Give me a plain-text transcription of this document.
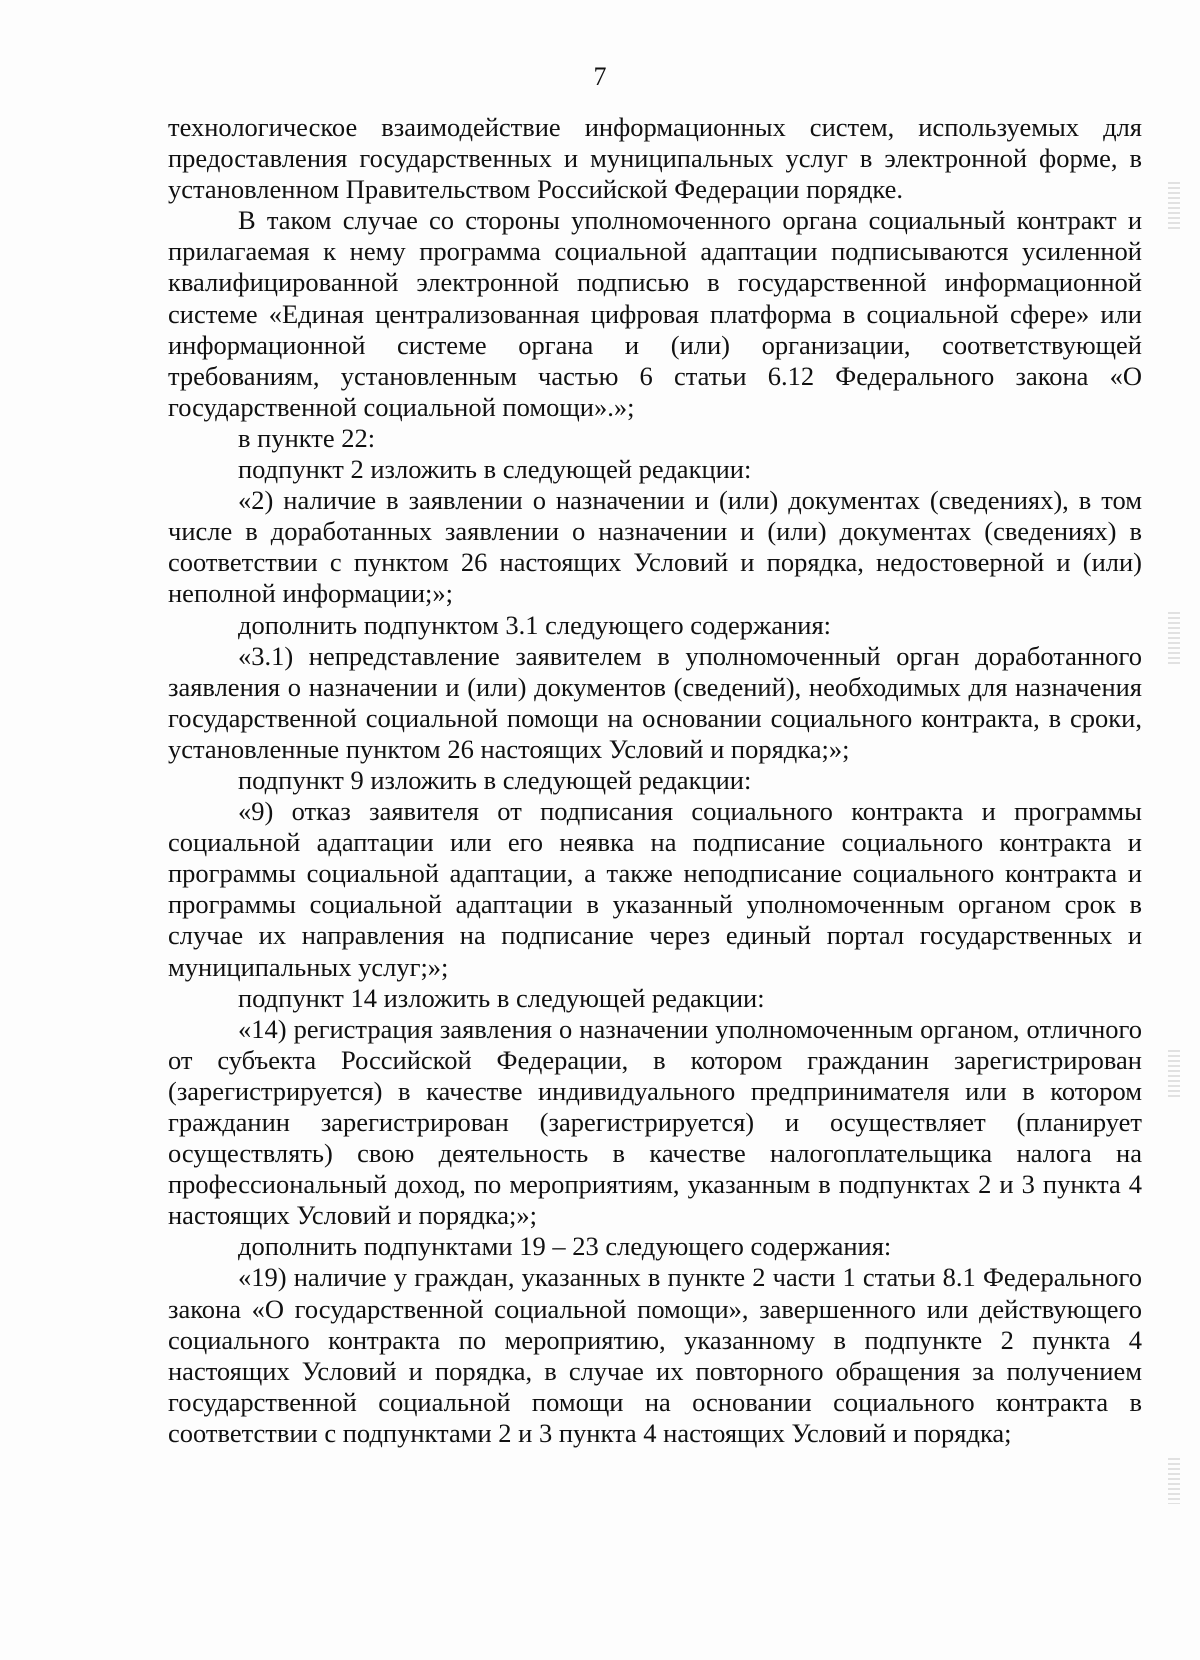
7

технологическое взаимодействие информационных систем, используемых для предоставления государственных и муниципальных услуг в электронной форме, в установленном Правительством Российской Федерации порядке.

В таком случае со стороны уполномоченного органа социальный контракт и прилагаемая к нему программа социальной адаптации подписываются усиленной квалифицированной электронной подписью в государственной информационной системе «Единая централизованная цифровая платформа в социальной сфере» или информационной системе органа и (или) организации, соответствующей требованиям, установленным частью 6 статьи 6.12 Федерального закона «О государственной социальной помощи».»;

в пункте 22:

подпункт 2 изложить в следующей редакции:

«2) наличие в заявлении о назначении и (или) документах (сведениях), в том числе в доработанных заявлении о назначении и (или) документах (сведениях) в соответствии с пунктом 26 настоящих Условий и порядка, недостоверной и (или) неполной информации;»;

дополнить подпунктом 3.1 следующего содержания:

«3.1) непредставление заявителем в уполномоченный орган доработанного заявления о назначении и (или) документов (сведений), необходимых для назначения государственной социальной помощи на основании социального контракта, в сроки, установленные пунктом 26 настоящих Условий и порядка;»;

подпункт 9 изложить в следующей редакции:

«9) отказ заявителя от подписания социального контракта и программы социальной адаптации или его неявка на подписание социального контракта и программы социальной адаптации, а также неподписание социального контракта и программы социальной адаптации в указанный уполномоченным органом срок в случае их направления на подписание через единый портал государственных и муниципальных услуг;»;

подпункт 14 изложить в следующей редакции:

«14) регистрация заявления о назначении уполномоченным органом, отличного от субъекта Российской Федерации, в котором гражданин зарегистрирован (зарегистрируется) в качестве индивидуального предпринимателя или в котором гражданин зарегистрирован (зарегистрируется) и осуществляет (планирует осуществлять) свою деятельность в качестве налогоплательщика налога на профессиональный доход, по мероприятиям, указанным в подпунктах 2 и 3 пункта 4 настоящих Условий и порядка;»;

дополнить подпунктами 19 – 23 следующего содержания:

«19) наличие у граждан, указанных в пункте 2 части 1 статьи 8.1 Федерального закона «О государственной социальной помощи», завершенного или действующего социального контракта по мероприятию, указанному в подпункте 2 пункта 4 настоящих Условий и порядка, в случае их повторного обращения за получением государственной социальной помощи на основании социального контракта в соответствии с подпунктами 2 и 3 пункта 4 настоящих Условий и порядка;
